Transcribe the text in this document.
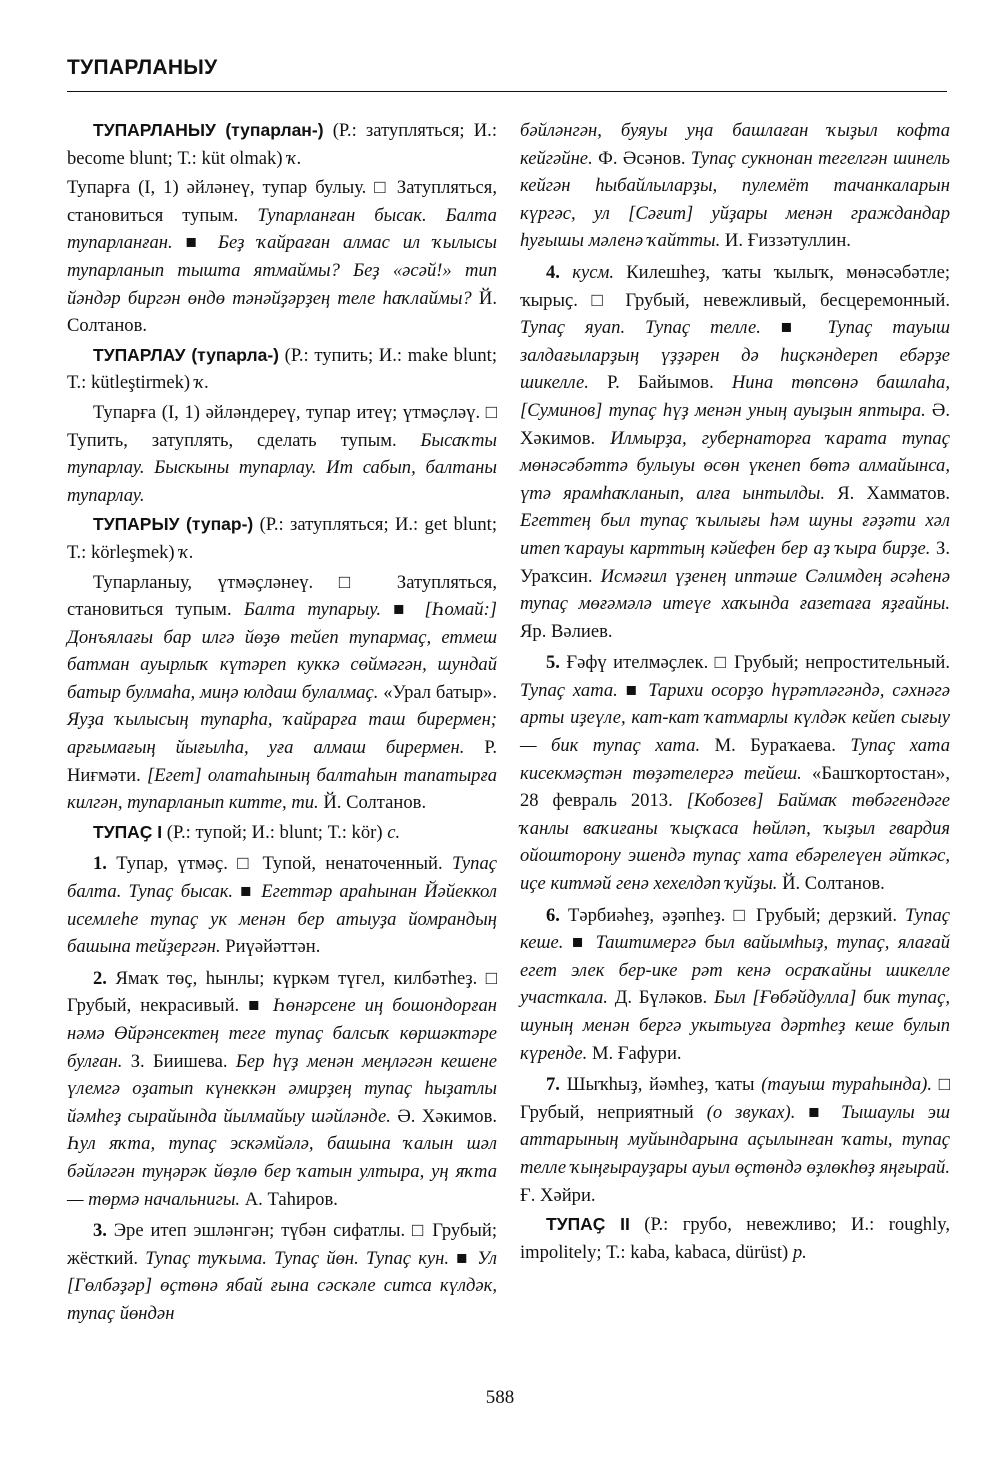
ТУПАРЛАНЫУ

ТУПАРЛАНЫУ (тупарлан-) (Р.: затупляться; И.: become blunt; Т.: küt olmak) ҡ.

Тупарға (I, 1) әйләнеү, тупар булыу. □ Затупляться, становиться тупым. Тупарланған бысак. Балта тупарланған. ■ Беҙ ҡайраған алмас ил ҡылысы тупарланып тышта ятмаймы? Беҙ «әсәй!» тип йәндәр биргән өндө тәнәйҙәрҙең теле һаҡлаймы? Й. Солтанов.

ТУПАРЛАУ (тупарла-) (Р.: тупить; И.: make blunt; Т.: kütleştirmek) ҡ.

Тупарға (I, 1) әйләндереү, тупар итеү; үтмәҫләү. □ Тупить, затуплять, сделать тупым. Бысаҡты тупарлау. Быскыны тупарлау. Ит сабып, балтаны тупарлау.

ТУПАРЫУ (тупар-) (Р.: затупляться; И.: get blunt; Т.: körleşmek) ҡ.

Тупарланыу, үтмәҫләнеү. □ Затупляться, становиться тупым. Балта тупарыу. ■ [Һомай:] Донъялағы бар илгә йөҙө тейеп тупармаҫ, етмеш батман ауырлыҡ күтәреп куккә сөймәгән, шундай батыр булмаһа, миңә юлдаш булалмаҫ. «Урал батыр». Яуҙа ҡылысың тупарһа, ҡайрарға таш бирермен; арғымағың йығылһа, уға алмаш бирермен. Р. Ниғмәти. [Егет] олатаһының балтаһын тапатырға килгән, тупарланып китте, ти. Й. Солтанов.

ТУПАҪ I (Р.: тупой; И.: blunt; Т.: kör) с.

1. Тупар, үтмәҫ. □ Тупой, ненаточенный. Тупаҫ балта. Тупаҫ бысак. ■ Егеттәр араһынан Йәйеккол исемлеһе тупаҫ ук менән бер атыуҙа йомрандың башына тейҙергән. Риүәйәттән.

2. Ямаҡ төҫ, һынлы; күркәм түгел, килбәтһеҙ. □ Грубый, некрасивый. ■ Һөнәрсене иң бошондорған нәмә Өйрәнсектең теге тупаҫ балсыҡ көршәктәре булған. З. Биишева. Бер һүҙ менән меңләгән кешене үлемгә оҙатып күнеккән әмирҙең тупаҫ һыҙатлы йәмһеҙ сырайында йылмайыу шәйләнде. Ә. Хәкимов. Һул яҡта, тупаҫ эскәмйәлә, башына ҡалын шәл бәйләгән туңәрәк йөҙлө бер ҡатын ултыра, уң яҡта — төрмә начальнигы. А. Таһиров.

3. Эре итеп эшләнгән; түбән сифатлы. □ Грубый; жёсткий. Тупаҫ туҡыма. Тупаҫ йөн. Тупаҫ кун. ■ Ул [Гөлбәҙәр] өҫтөнә ябай ғына сәскәле ситса күлдәк, тупаҫ йөндән

бәйләнгән, буяуы уңа башлаған ҡыҙыл кофта кейгәйне. Ф. Әсәнов. Тупаҫ сукнонан тегелгән шинель кейгән һыбайлыларҙы, пулемёт тачанкаларын күргәс, ул [Сәғит] уйҙары менән граждандар һуғышы мәленә ҡайтты. И. Ғиззәтуллин.

4. кусм. Килешһеҙ, ҡаты ҡылыҡ, мөнәсәбәтле; ҡырыҫ. □ Грубый, невежливый, бесцеремонный. Тупаҫ яуап. Тупаҫ телле. ■ Тупаҫ тауыш залдағыларҙың үҙҙәрен дә һиҫкәндереп ебәрҙе шикелле. Р. Байымов. Нина төпсөнә башлаһа, [Суминов] тупаҫ һүҙ менән уның ауыҙын яптыра. Ә. Хәкимов. Илмырҙа, губернаторға ҡарата тупаҫ мөнәсәбәттә булыуы өсөн үкенеп бөтә алмайынса, үтә ярамһаҡланып, алға ынтылды. Я. Хамматов. Егеттең был тупаҫ ҡылығы һәм шуны ғәҙәти хәл итеп ҡарауы карттың кәйефен бер аҙ ҡыра бирҙе. З. Ураҡсин. Исмәғил үҙенең иптәше Сәлимдең әсәһенә тупаҫ мөғәмәлә итеүе хаҡында ғазетаға яҙғайны. Яр. Вәлиев.

5. Ғәфү ителмәҫлек. □ Грубый; непростительный. Тупаҫ хата. ■ Тарихи осорҙо һүрәтләгәндә, сәхнәгә арты иҙеүле, кат-кат ҡатмарлы күлдәк кейеп сығыу — бик тупаҫ хата. М. Бураҡаева. Тупаҫ хата кисекмәҫтән төҙәтелергә тейеш. «Башҡортостан», 28 февраль 2013. [Кобозев] Баймаҡ төбәгендәге ҡанлы ваҡиғаны ҡыҫҡаса һөйләп, ҡыҙыл гвардия ойошторону эшендә тупаҫ хата ебәрелеүен әйткәс, иҫе китмәй генә хехелдәп ҡуйҙы. Й. Солтанов.

6. Тәрбиәһеҙ, әҙәпһеҙ. □ Грубый; дерзкий. Тупаҫ кеше. ■ Таштимергә был вайымһыҙ, тупаҫ, ялағай егет элек бер-ике рәт кенә осраҡайны шикелле участкала. Д. Бүләков. Был [Ғөбәйдулла] бик тупаҫ, шуның менән бергә укытыуға дәртһеҙ кеше булып күренде. М. Ғафури.

7. Шыҡһыҙ, йәмһеҙ, ҡаты (тауыш тураһында). □ Грубый, неприятный (о звуках). ■ Тышаулы эш аттарының муйындарына аҫылынған ҡаты, тупаҫ телле ҡыңғырауҙары ауыл өҫтөндә өҙлөкһөҙ яңғырай. Ғ. Хәйри.

ТУПАҪ II (Р.: грубо, невежливо; И.: roughly, impolitely; Т.: kaba, kabaca, dürüst) р.

588
